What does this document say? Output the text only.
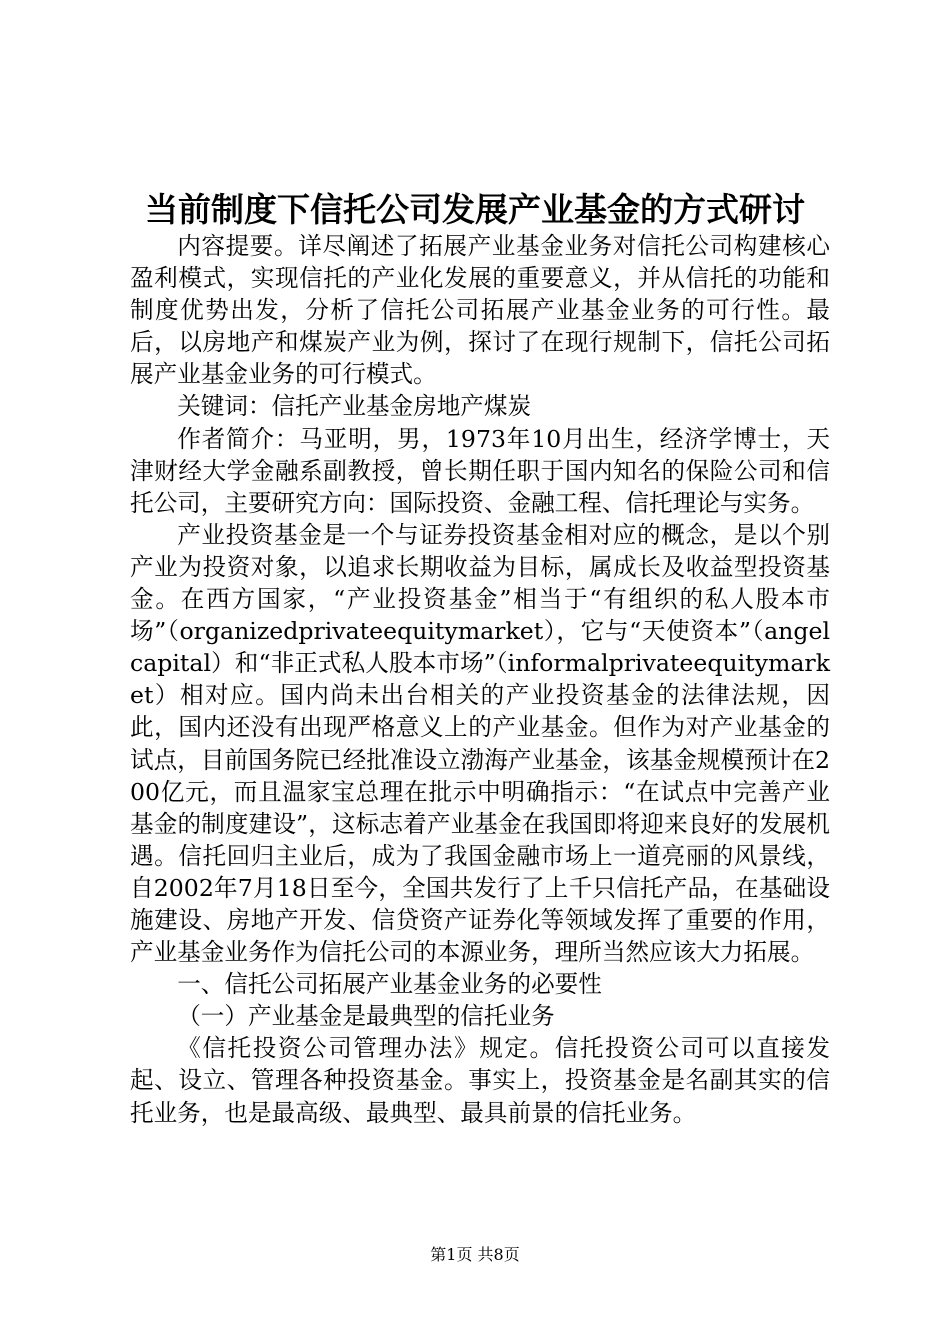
当前制度下信托公司发展产业基金的方式研讨

内容提要。详尽阐述了拓展产业基金业务对信托公司构建核心盈利模式，实现信托的产业化发展的重要意义，并从信托的功能和制度优势出发，分析了信托公司拓展产业基金业务的可行性。最后，以房地产和煤炭产业为例，探讨了在现行规制下，信托公司拓展产业基金业务的可行模式。

关键词：信托产业基金房地产煤炭

作者简介：马亚明，男，1973年10月出生，经济学博士，天津财经大学金融系副教授，曾长期任职于国内知名的保险公司和信托公司，主要研究方向：国际投资、金融工程、信托理论与实务。

产业投资基金是一个与证券投资基金相对应的概念，是以个别产业为投资对象，以追求长期收益为目标，属成长及收益型投资基金。在西方国家，“产业投资基金”相当于“有组织的私人股本市场”（organizedprivateequitymarket），它与“天使资本”（angelcapital）和“非正式私人股本市场”（informalprivateequitymarket）相对应。国内尚未出台相关的产业投资基金的法律法规，因此，国内还没有出现严格意义上的产业基金。但作为对产业基金的试点，目前国务院已经批准设立渤海产业基金，该基金规模预计在200亿元，而且温家宝总理在批示中明确指示：“在试点中完善产业基金的制度建设”，这标志着产业基金在我国即将迎来良好的发展机遇。信托回归主业后，成为了我国金融市场上一道亮丽的风景线，自2002年7月18日至今，全国共发行了上千只信托产品，在基础设施建设、房地产开发、信贷资产证券化等领域发挥了重要的作用，产业基金业务作为信托公司的本源业务，理所当然应该大力拓展。

一、信托公司拓展产业基金业务的必要性

（一）产业基金是最典型的信托业务

《信托投资公司管理办法》规定。信托投资公司可以直接发起、设立、管理各种投资基金。事实上，投资基金是名副其实的信托业务，也是最高级、最典型、最具前景的信托业务。

第1页 共8页
